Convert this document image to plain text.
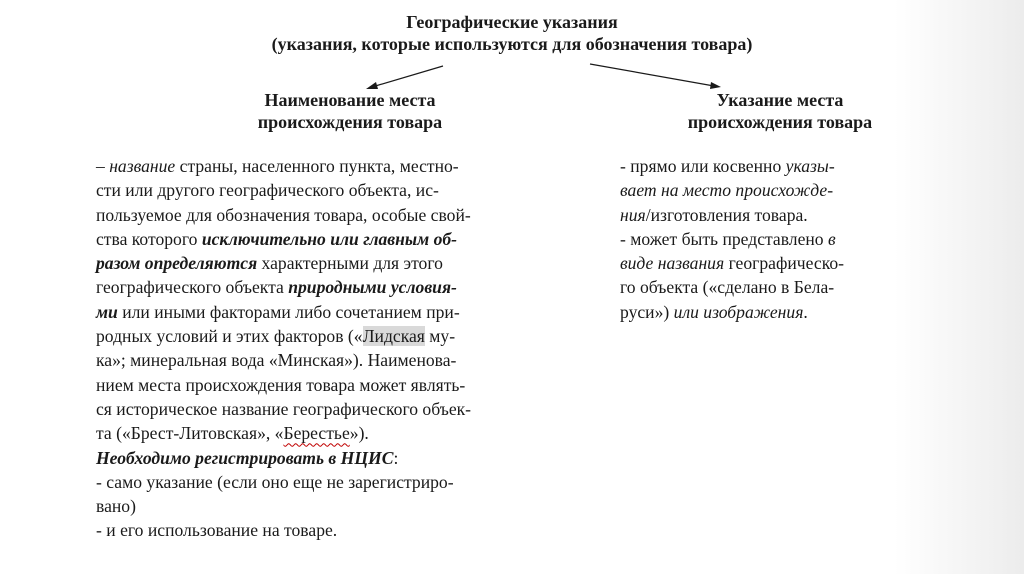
Географические указания
(указания, которые используются для обозначения товара)
Наименование места
происхождения товара
Указание места
происхождения товара
– название страны, населенного пункта, местно-
сти или другого географического объекта, ис-
пользуемое для обозначения товара, особые свой-
ства которого исключительно или главным об-
разом определяются характерными для этого
географического объекта природными условия-
ми или иными факторами либо сочетанием при-
родных условий и этих факторов («Лидская му-
ка»; минеральная вода «Минская»). Наименова-
нием места происхождения товара может являть-
ся историческое название географического объек-
та («Брест-Литовская», «Берестье»).
Необходимо регистрировать в НЦИС:
- само указание (если оно еще не зарегистриро-
вано)
- и его использование на товаре.
- прямо или косвенно указы-
вает на место происхожде-
ния/изготовления товара.
- может быть представлено в
виде названия географическо-
го объекта («сделано в Бела-
руси») или изображения.
